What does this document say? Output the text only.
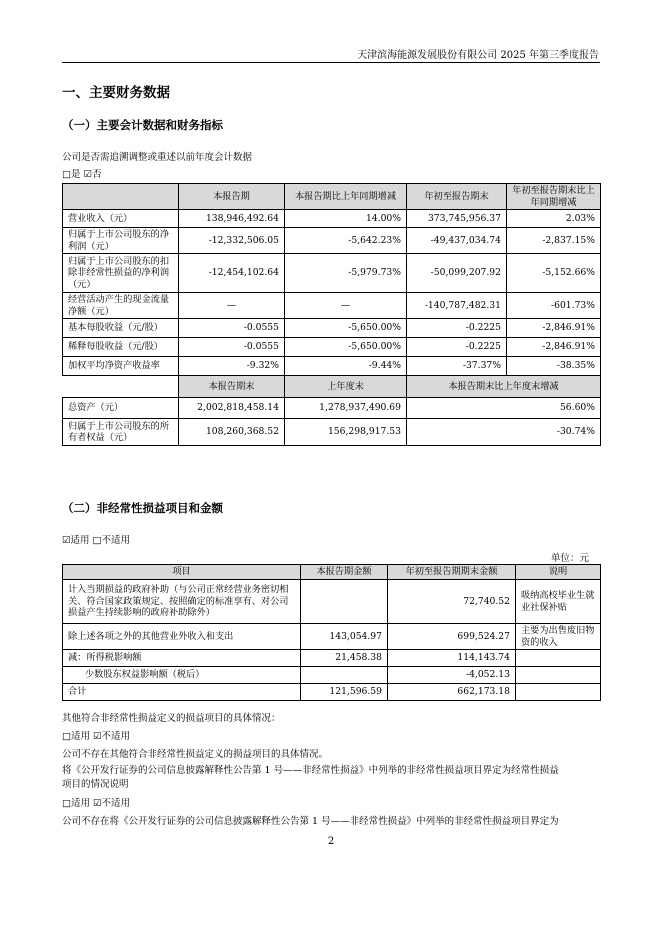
天津滨海能源发展股份有限公司 2025 年第三季度报告
一、主要财务数据
（一）主要会计数据和财务指标
公司是否需追溯调整或重述以前年度会计数据
□是 ☑否
	本报告期	本报告期比上年同期增减	年初至报告期末	年初至报告期末比上年同期增减
营业收入（元）	138,946,492.64	14.00%	373,745,956.37	2.03%
归属于上市公司股东的净利润（元）	-12,332,506.05	-5,642.23%	-49,437,034.74	-2,837.15%
归属于上市公司股东的扣除非经常性损益的净利润（元）	-12,454,102.64	-5,979.73%	-50,099,207.92	-5,152.66%
经营活动产生的现金流量净额（元）	—	—	-140,787,482.31	-601.73%
基本每股收益（元/股）	-0.0555	-5,650.00%	-0.2225	-2,846.91%
稀释每股收益（元/股）	-0.0555	-5,650.00%	-0.2225	-2,846.91%
加权平均净资产收益率	-9.32%	-9.44%	-37.37%	-38.35%
	本报告期末	上年度末	本报告期末比上年度末增减	
总资产（元）	2,002,818,458.14	1,278,937,490.69	56.60%	
归属于上市公司股东的所有者权益（元）	108,260,368.52	156,298,917.53	-30.74%	
（二）非经常性损益项目和金额
☑适用 □不适用
单位：元
项目	本报告期金额	年初至报告期期末金额	说明
计入当期损益的政府补助（与公司正常经营业务密切相关、符合国家政策规定、按照确定的标准享有、对公司损益产生持续影响的政府补助除外）		72,740.52	吸纳高校毕业生就业社保补贴
除上述各项之外的其他营业外收入和支出	143,054.97	699,524.27	主要为出售废旧物资的收入
减：所得税影响额	21,458.38	114,143.74	
少数股东权益影响额（税后）		-4,052.13	
合计	121,596.59	662,173.18	
其他符合非经常性损益定义的损益项目的具体情况：
□适用 ☑不适用
公司不存在其他符合非经常性损益定义的损益项目的具体情况。
将《公开发行证券的公司信息披露解释性公告第 1 号——非经常性损益》中列举的非经常性损益项目界定为经常性损益
项目的情况说明
□适用 ☑不适用
公司不存在将《公开发行证券的公司信息披露解释性公告第 1 号——非经常性损益》中列举的非经常性损益项目界定为
2
